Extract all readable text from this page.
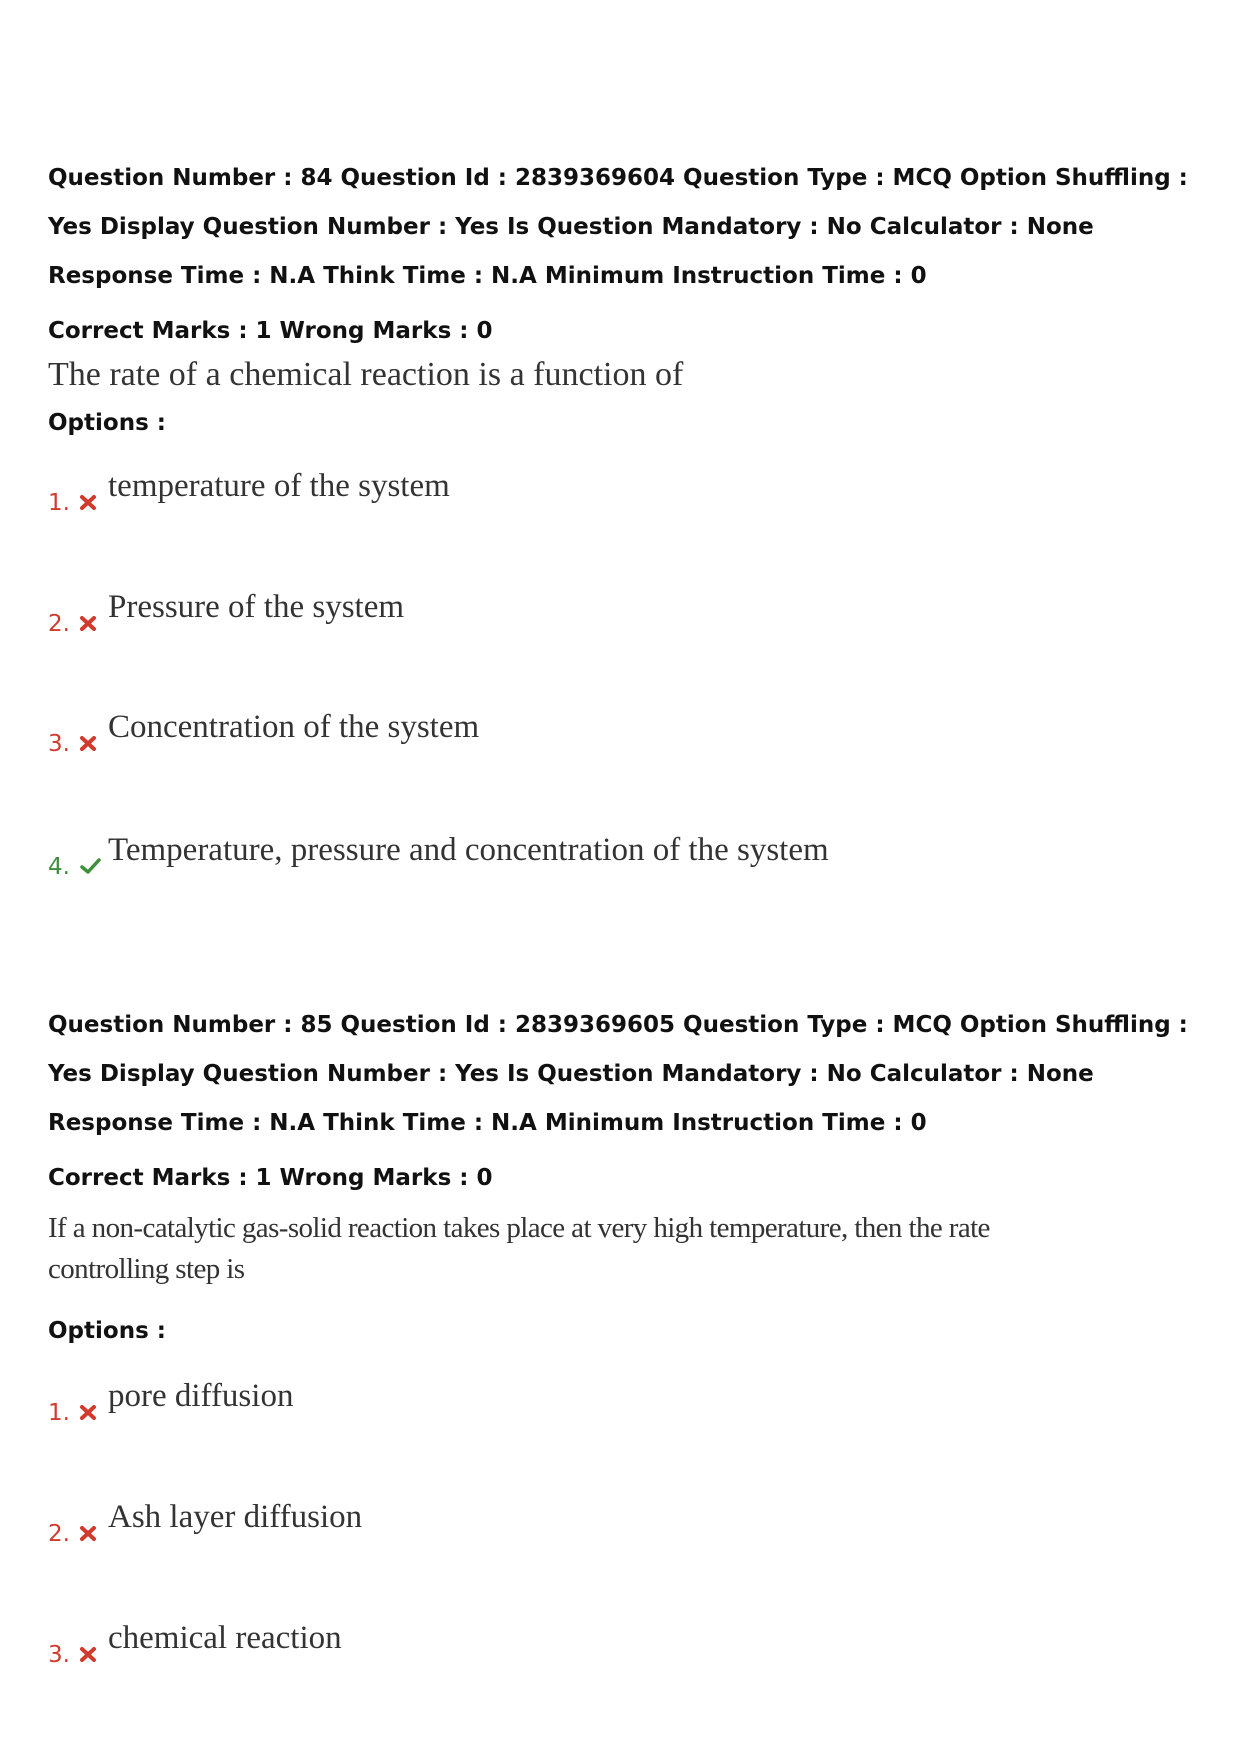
Question Number : 84 Question Id : 2839369604 Question Type : MCQ Option Shuffling : Yes Display Question Number : Yes Is Question Mandatory : No Calculator : None Response Time : N.A Think Time : N.A Minimum Instruction Time : 0

Correct Marks : 1 Wrong Marks : 0
The rate of a chemical reaction is a function of
Options :
1. temperature of the system
2. Pressure of the system
3. Concentration of the system
4. Temperature, pressure and concentration of the system

Question Number : 85 Question Id : 2839369605 Question Type : MCQ Option Shuffling : Yes Display Question Number : Yes Is Question Mandatory : No Calculator : None Response Time : N.A Think Time : N.A Minimum Instruction Time : 0

Correct Marks : 1 Wrong Marks : 0
If a non-catalytic gas-solid reaction takes place at very high temperature, then the rate controlling step is
Options :
1. pore diffusion
2. Ash layer diffusion
3. chemical reaction
